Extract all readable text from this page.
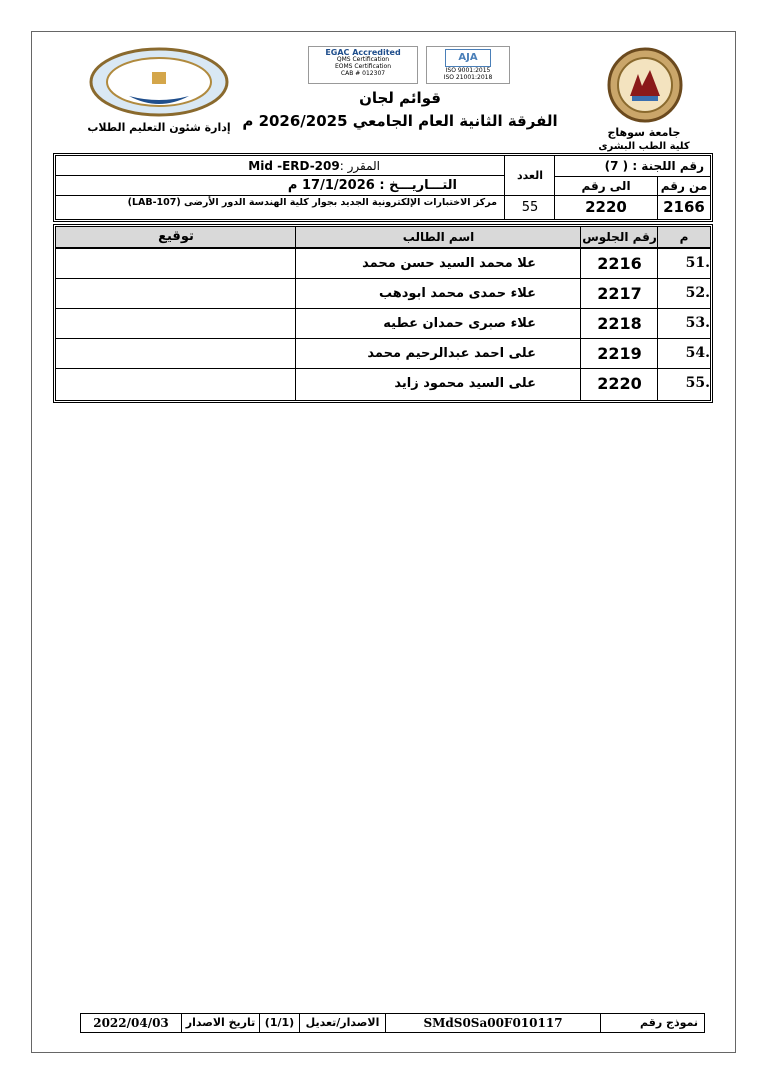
جامعة سوهاج
كلية الطب البشرى
EGAC Accredited
QMS Certification
EOMS Certification
CAB # 012307
AJA
ISO 9001:2015
ISO 21001:2018
قوائم لجان
الفرقة الثانية العام الجامعي 2026/2025 م
إدارة شئون التعليم الطلاب
رقم اللجنة : ( 7)
من رقم
الى رقم
2166
2220
العدد
55
المقرر :Mid -ERD-209
التـــاريـــخ : 17/1/2026 م
مركز الاختبارات الإلكترونية الجديد بجوار كلية الهندسة الدور الأرضى (LAB-107)
م
رقم الجلوس
اسم الطالب
توقيع
.51
2216
علا محمد السيد حسن محمد
.52
2217
علاء حمدى محمد ابودهب
.53
2218
علاء صبرى حمدان عطيه
.54
2219
على احمد عبدالرحيم محمد
.55
2220
على السيد محمود زايد
نموذج رقم
SMdS0Sa00F010117
الاصدار/تعديل
(1/1)
تاريخ الاصدار
2022/04/03
